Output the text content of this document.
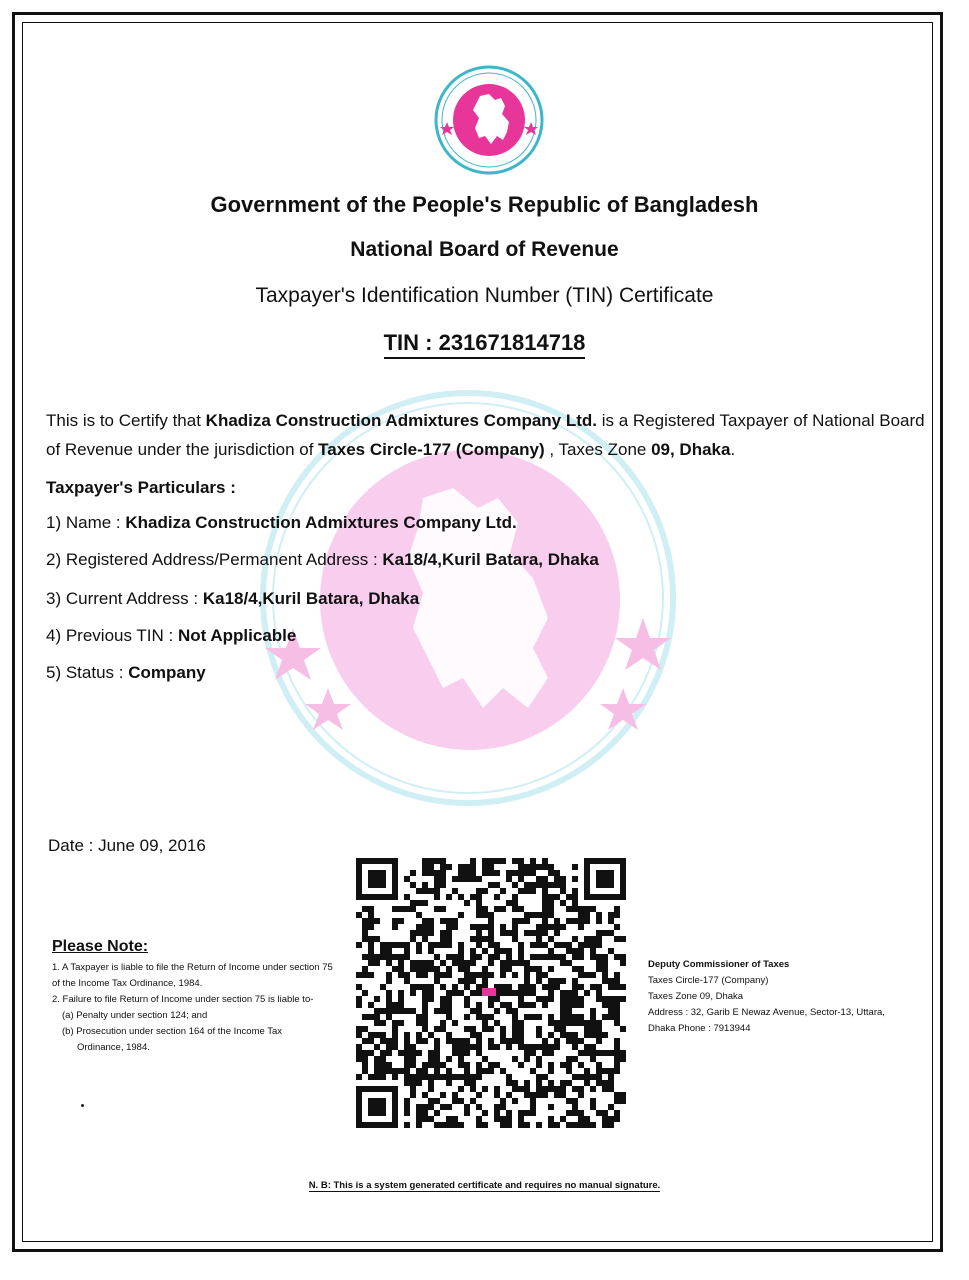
Government of the People's Republic of Bangladesh
National Board of Revenue
Taxpayer's Identification Number (TIN) Certificate
TIN : 231671814718
This is to Certify that Khadiza Construction Admixtures Company Ltd. is a Registered Taxpayer of National Board of Revenue under the jurisdiction of Taxes Circle-177 (Company) , Taxes Zone 09, Dhaka.
Taxpayer's Particulars :
1) Name : Khadiza Construction Admixtures Company Ltd.
2) Registered Address/Permanent Address : Ka18/4,Kuril Batara, Dhaka
3) Current Address : Ka18/4,Kuril Batara, Dhaka
4) Previous TIN : Not Applicable
5) Status : Company
Date : June 09, 2016
Please Note:
1. A Taxpayer is liable to file the Return of Income under section 75 of the Income Tax Ordinance, 1984.
2. Failure to file Return of Income under section 75 is liable to-
(a) Penalty under section 124; and
(b) Prosecution under section 164 of the Income Tax
Ordinance, 1984.
Deputy Commissioner of Taxes
Taxes Circle-177 (Company)
Taxes Zone 09, Dhaka
Address : 32, Garib E Newaz Avenue, Sector-13, Uttara,
Dhaka Phone : 7913944
N. B: This is a system generated certificate and requires no manual signature.
